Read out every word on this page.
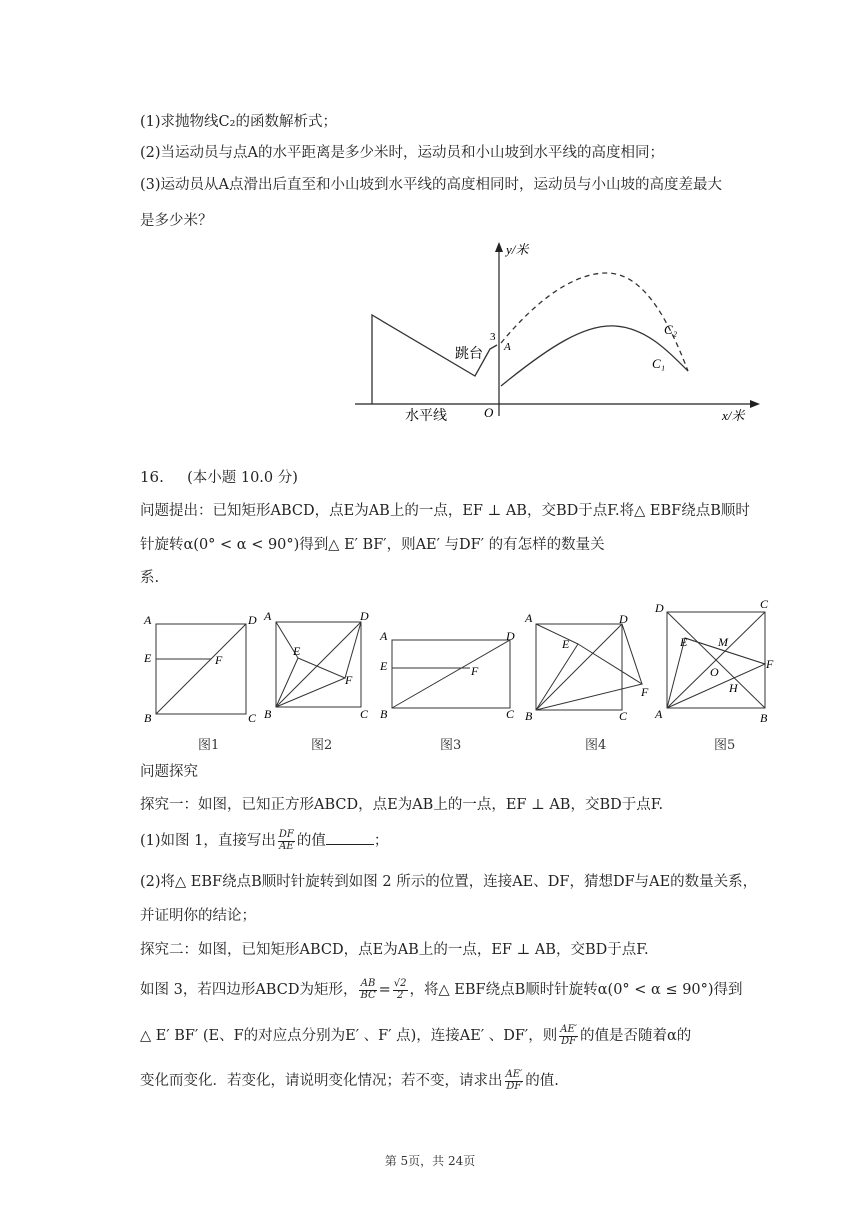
(1)求抛物线C₂的函数解析式；
(2)当运动员与点A的水平距离是多少米时，运动员和小山坡到水平线的高度相同；
(3)运动员从A点滑出后直至和小山坡到水平线的高度相同时，运动员与小山坡的高度差最大
是多少米？
y/米
x/米
O
3
A
跳台
水平线
C₂
C₁
16. (本小题 10.0 分)
问题提出：已知矩形ABCD，点E为AB上的一点，EF ⊥ AB，交BD于点F.将△ EBF绕点B顺时
针旋转α(0° < α < 90°)得到△ E′ BF′，则AE′ 与DF′ 的有怎样的数量关
系.
A	D
E	F
B	C
A	D
E
F
B	C
A	D
E	F
B	C
A	D
E
F
B	C
D	C
E	M
O
H
F
A	B
图1	图2	图3	图4	图5
问题探究
探究一：如图，已知正方形ABCD，点E为AB上的一点，EF ⊥ AB，交BD于点F.
(1)如图 1，直接写出 $\frac{DF}{AE}$ 的值	；
(2)将△ EBF绕点B顺时针旋转到如图 2 所示的位置，连接AE、DF，猜想DF与AE的数量关系，
并证明你的结论；
探究二：如图，已知矩形ABCD，点E为AB上的一点，EF ⊥ AB，交BD于点F.
如图 3，若四边形ABCD为矩形， $\frac{AB}{BC} = \frac{√2}{2}$ ，将△ EBF绕点B顺时针旋转α(0° < α ≤ 90°)得到
△ E′ BF′ (E、F的对应点分别为E′ 、F′ 点)，连接AE′ 、DF′，则 $\frac{AE'}{DF}$ 的值是否随着α的
变化而变化．若变化，请说明变化情况；若不变，请求出 $\frac{AE'}{DF}$ 的值.
第 5页，共 24页
